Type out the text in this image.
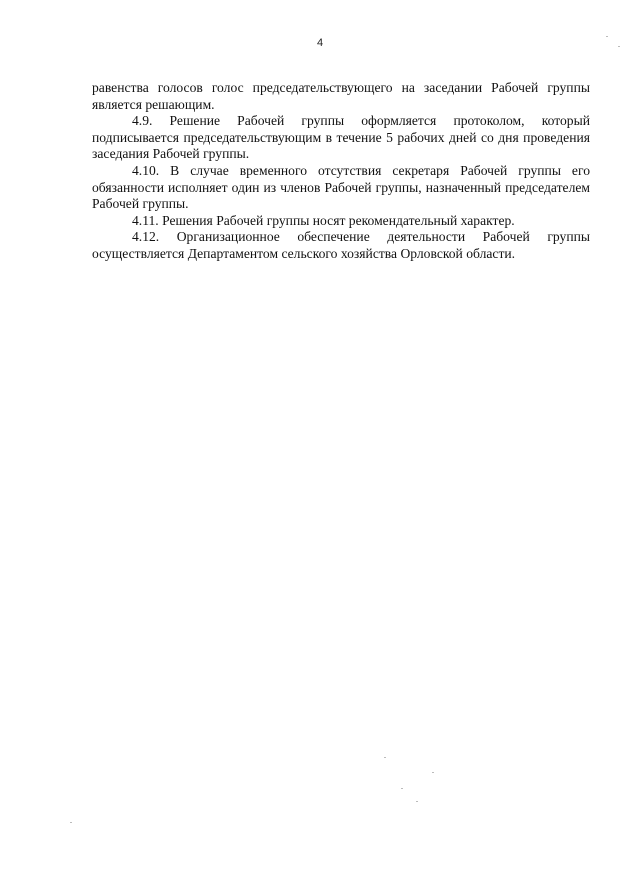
4

равенства голосов голос председательствующего на заседании Рабочей группы является решающим.

4.9. Решение Рабочей группы оформляется протоколом, который подписывается председательствующим в течение 5 рабочих дней со дня проведения заседания Рабочей группы.

4.10. В случае временного отсутствия секретаря Рабочей группы его обязанности исполняет один из членов Рабочей группы, назначенный председателем Рабочей группы.

4.11. Решения Рабочей группы носят рекомендательный характер.

4.12. Организационное обеспечение деятельности Рабочей группы осуществляется Департаментом сельского хозяйства Орловской области.
